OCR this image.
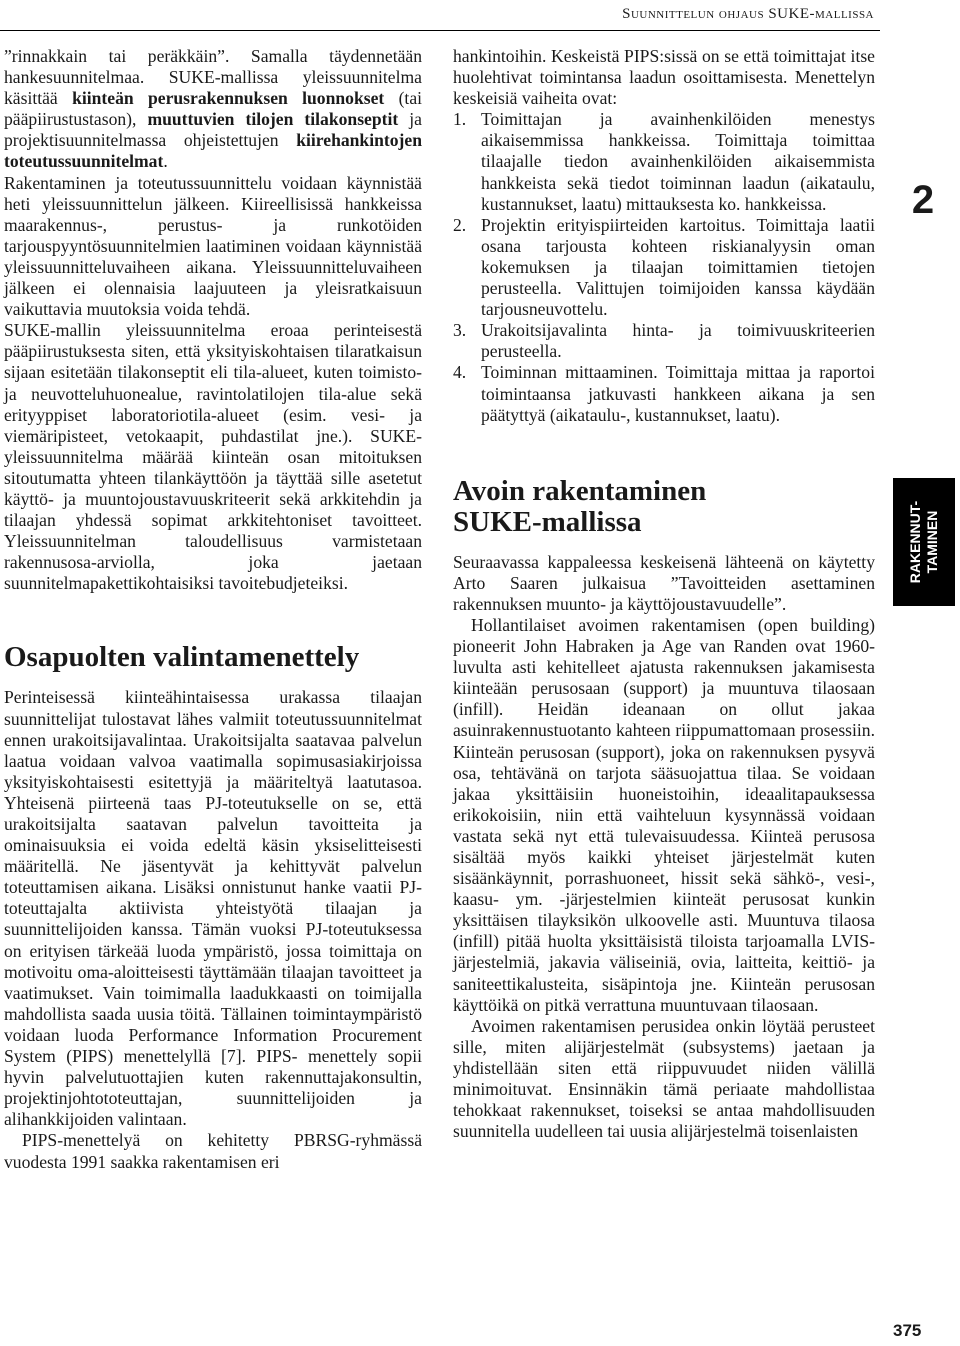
Suunnittelun ohjaus SUKE-mallissa

”rinnakkain tai peräkkäin”. Samalla täydennetään hankesuunnitelmaa. SUKE-mallissa yleissuunnitelma käsittää kiinteän perusrakennuksen luonnokset (tai pääpiirustustason), muuttuvien tilojen tilakonseptit ja projektisuunnitelmassa ohjeistettujen kiirehankintojen toteutussuunnitelmat.

Rakentaminen ja toteutussuunnittelu voidaan käynnistää heti yleissuunnittelun jälkeen. Kiireellisissä hankkeissa maarakennus-, perustus- ja runkotöiden tarjouspyyntösuunnitelmien laatiminen voidaan käynnistää yleissuunnitteluvaiheen aikana. Yleissuunnitteluvaiheen jälkeen ei olennaisia laajuuteen ja yleisratkaisuun vaikuttavia muutoksia voida tehdä.

SUKE-mallin yleissuunnitelma eroaa perinteisestä pääpiirustuksesta siten, että yksityiskohtaisen tilaratkaisun sijaan esitetään tilakonseptit eli tila-alueet, kuten toimisto- ja neuvotteluhuonealue, ravintolatilojen tila-alue sekä erityyppiset laboratoriotila-alueet (esim. vesi- ja viemäripisteet, vetokaapit, puhdastilat jne.). SUKE-yleissuunnitelma määrää kiinteän osan mitoituksen sitoutumatta yhteen tilankäyttöön ja täyttää sille asetetut käyttö- ja muuntojoustavuuskriteerit sekä arkkitehdin ja tilaajan yhdessä sopimat arkkitehtoniset tavoitteet. Yleissuunnitelman taloudellisuus varmistetaan rakennusosa-arviolla, joka jaetaan suunnitelmapakettikohtaisiksi tavoitebudjeteiksi.

Osapuolten valintamenettely

Perinteisessä kiinteähintaisessa urakassa tilaajan suunnittelijat tulostavat lähes valmiit toteutussuunnitelmat ennen urakoitsijavalintaa. Urakoitsijalta saatavaa palvelun laatua voidaan valvoa vaatimalla sopimusasiakirjoissa yksityiskohtaisesti esitettyjä ja määriteltyä laatutasoa. Yhteisenä piirteenä taas PJ-toteutukselle on se, että urakoitsijalta saatavan palvelun tavoitteita ja ominaisuuksia ei voida edeltä käsin yksiselitteisesti määritellä. Ne jäsentyvät ja kehittyvät palvelun toteuttamisen aikana. Lisäksi onnistunut hanke vaatii PJ-toteuttajalta aktiivista yhteistyötä tilaajan ja suunnittelijoiden kanssa. Tämän vuoksi PJ-toteutuksessa on erityisen tärkeää luoda ympäristö, jossa toimittaja on motivoitu oma-aloitteisesti täyttämään tilaajan tavoitteet ja vaatimukset. Vain toimimalla laadukkaasti on toimijalla mahdollista saada uusia töitä. Tällainen toimintaympäristö voidaan luoda Performance Information Procurement System (PIPS) menettelyllä [7]. PIPS- menettely sopii hyvin palvelutuottajien kuten rakennuttajakonsultin, projektinjohtototeuttajan, suunnittelijoiden ja alihankkijoiden valintaan.

PIPS-menettelyä on kehitetty PBRSG-ryhmässä vuodesta 1991 saakka rakentamisen eri

hankintoihin. Keskeistä PIPS:sissä on se että toimittajat itse huolehtivat toimintansa laadun osoittamisesta. Menettelyn keskeisiä vaiheita ovat:

1. Toimittajan ja avainhenkilöiden menestys aikaisemmissa hankkeissa. Toimittaja toimittaa tilaajalle tiedon avainhenkilöiden aikaisemmista hankkeista sekä tiedot toiminnan laadun (aikataulu, kustannukset, laatu) mittauksesta ko. hankkeissa.
2. Projektin erityispiirteiden kartoitus. Toimittaja laatii osana tarjousta kohteen riskianalyysin oman kokemuksen ja tilaajan toimittamien tietojen perusteella. Valittujen toimijoiden kanssa käydään tarjousneuvottelu.
3. Urakoitsijavalinta hinta- ja toimivuuskriteerien perusteella.
4. Toiminnan mittaaminen. Toimittaja mittaa ja raportoi toimintaansa jatkuvasti hankkeen aikana ja sen päätyttyä (aikataulu-, kustannukset, laatu).
Avoin rakentaminen
SUKE-mallissa

Seuraavassa kappaleessa keskeisenä lähteenä on käytetty Arto Saaren julkaisua ”Tavoitteiden asettaminen rakennuksen muunto- ja käyttöjoustavuudelle”.

Hollantilaiset avoimen rakentamisen (open building) pioneerit John Habraken ja Age van Randen ovat 1960-luvulta asti kehitelleet ajatusta rakennuksen jakamisesta kiinteään perusosaan (support) ja muuntuva tilaosaan (infill). Heidän ideanaan on ollut jakaa asuinrakennustuotanto kahteen riippumattomaan prosessiin. Kiinteän perusosan (support), joka on rakennuksen pysyvä osa, tehtävänä on tarjota sääsuojattua tilaa. Se voidaan jakaa yksittäisiin huoneistoihin, ideaalitapauksessa erikokoisiin, niin että vaihteluun kysynnässä voidaan vastata sekä nyt että tulevaisuudessa. Kiinteä perusosa sisältää myös kaikki yhteiset järjestelmät kuten sisäänkäynnit, porrashuoneet, hissit sekä sähkö-, vesi-, kaasu- ym. -järjestelmien kiinteät perusosat kunkin yksittäisen tilayksikön ulkoovelle asti. Muuntuva tilaosa (infill) pitää huolta yksittäisistä tiloista tarjoamalla LVIS-järjestelmiä, jakavia väliseiniä, ovia, laitteita, keittiö- ja saniteettikalusteita, sisäpintoja jne. Kiinteän perusosan käyttöikä on pitkä verrattuna muuntuvaan tilaosaan.

Avoimen rakentamisen perusidea onkin löytää perusteet sille, miten alijärjestelmät (subsystems) jaetaan ja yhdistellään siten että riippuvuudet niiden välillä minimoituvat. Ensinnäkin tämä periaate mahdollistaa tehokkaat rakennukset, toiseksi se antaa mahdollisuuden suunnitella uudelleen tai uusia alijärjestelmä toisenlaisten

2
RAKENNUT-
TAMINEN
375
